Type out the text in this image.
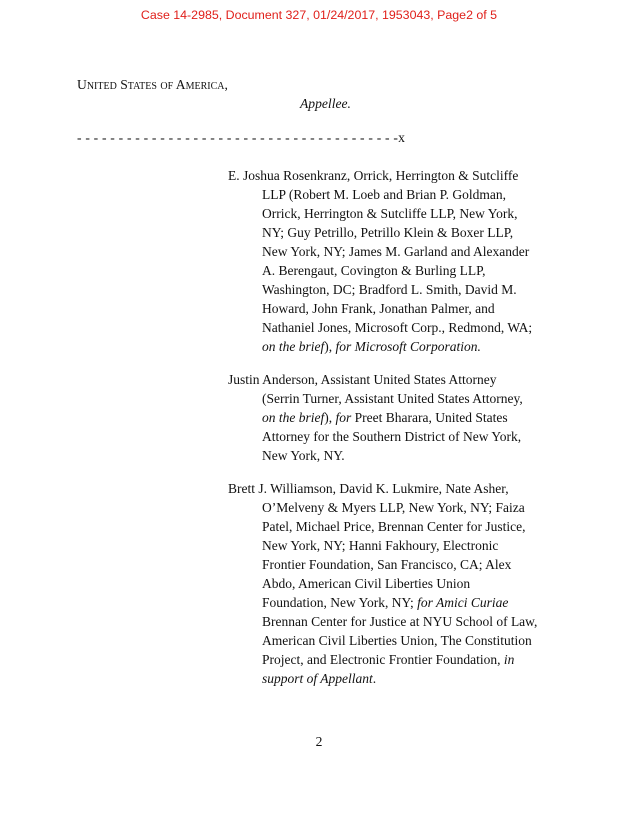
Case 14-2985, Document 327, 01/24/2017, 1953043, Page2 of 5
United States of America,
Appellee.
- - - - - - - - - - - - - - - - - - - - - - - - - - - - - - - - - - - - - - -x
E. Joshua Rosenkranz, Orrick, Herrington & Sutcliffe
LLP (Robert M. Loeb and Brian P. Goldman,
Orrick, Herrington & Sutcliffe LLP, New York,
NY; Guy Petrillo, Petrillo Klein & Boxer LLP,
New York, NY; James M. Garland and Alexander
A. Berengaut, Covington & Burling LLP,
Washington, DC; Bradford L. Smith, David M.
Howard, John Frank, Jonathan Palmer, and
Nathaniel Jones, Microsoft Corp., Redmond, WA;
on the brief), for Microsoft Corporation.
Justin Anderson, Assistant United States Attorney
(Serrin Turner, Assistant United States Attorney,
on the brief), for Preet Bharara, United States
Attorney for the Southern District of New York,
New York, NY.
Brett J. Williamson, David K. Lukmire, Nate Asher,
O’Melveny & Myers LLP, New York, NY; Faiza
Patel, Michael Price, Brennan Center for Justice,
New York, NY; Hanni Fakhoury, Electronic
Frontier Foundation, San Francisco, CA; Alex
Abdo, American Civil Liberties Union
Foundation, New York, NY; for Amici Curiae
Brennan Center for Justice at NYU School of Law,
American Civil Liberties Union, The Constitution
Project, and Electronic Frontier Foundation, in
support of Appellant.
2
